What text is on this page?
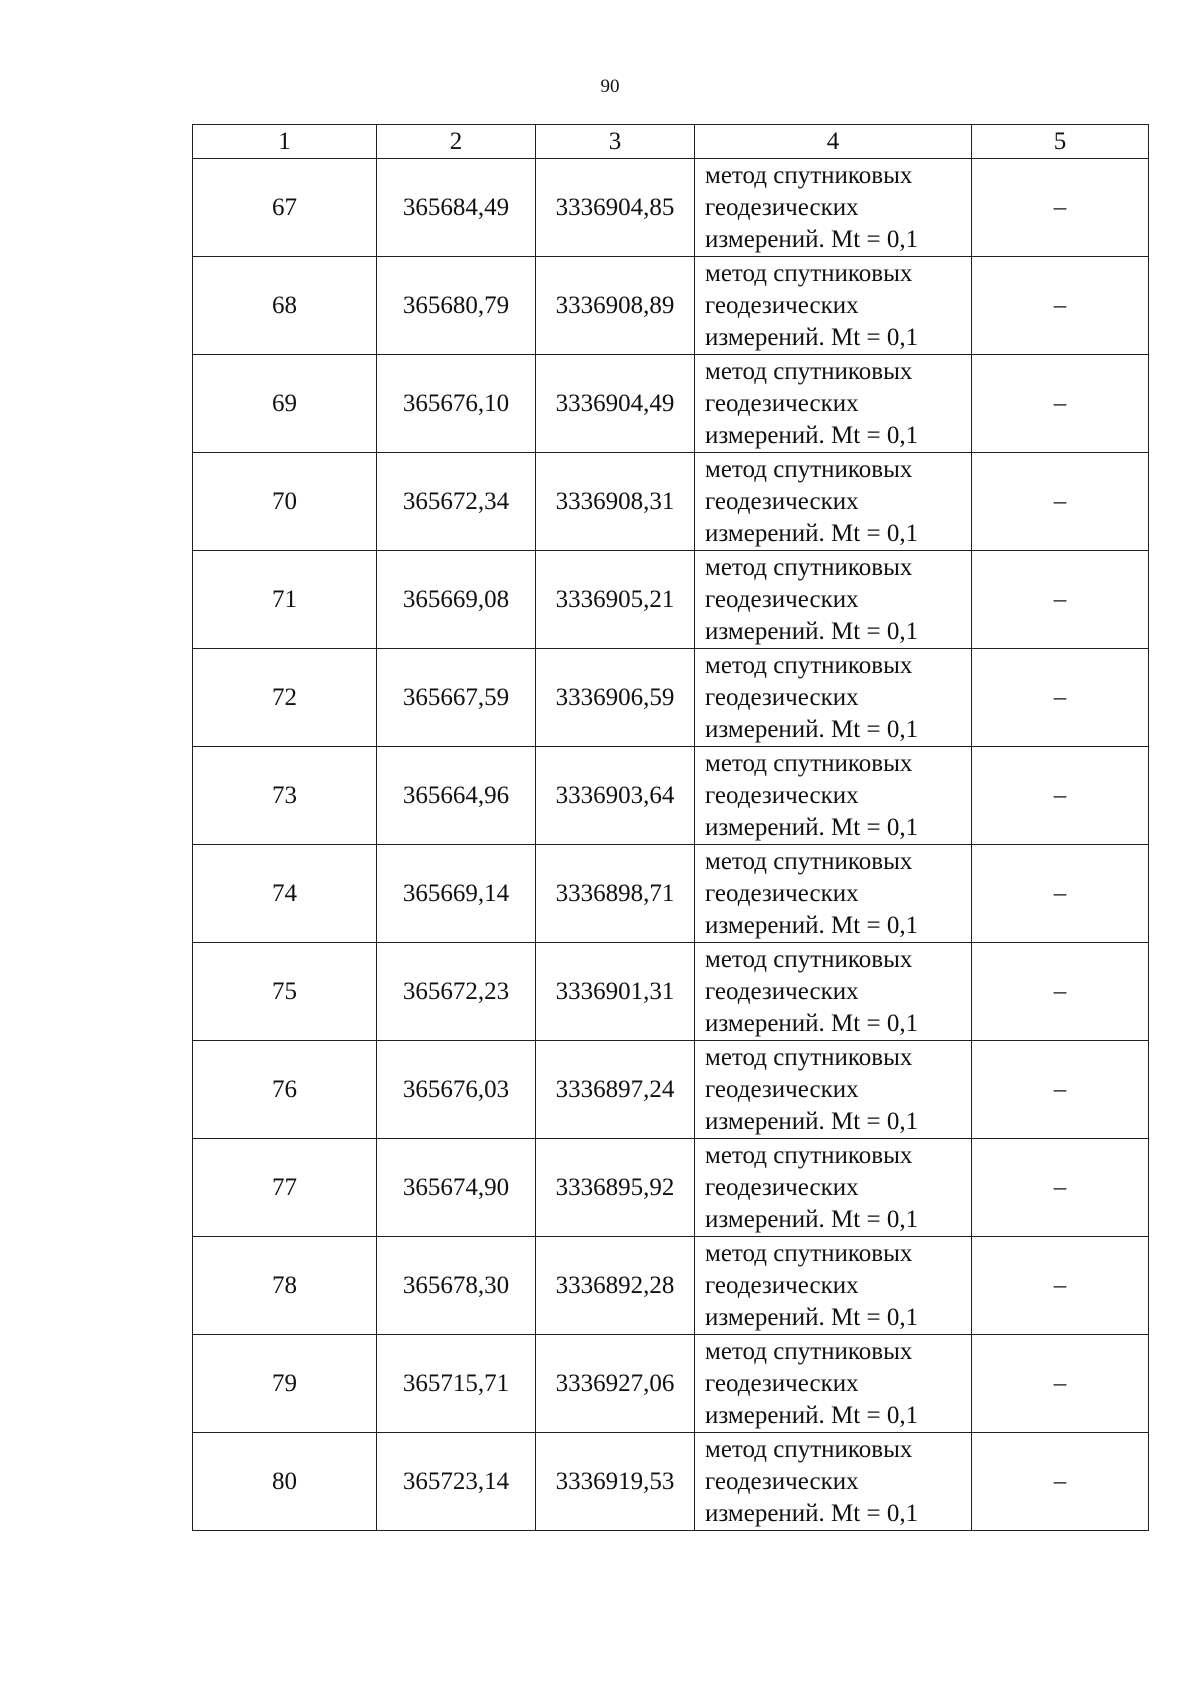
90
1	2	3	4	5
67	365684,49	3336904,85	метод спутниковых
геодезических
измерений. Mt = 0,1	–
68	365680,79	3336908,89	метод спутниковых
геодезических
измерений. Mt = 0,1	–
69	365676,10	3336904,49	метод спутниковых
геодезических
измерений. Mt = 0,1	–
70	365672,34	3336908,31	метод спутниковых
геодезических
измерений. Mt = 0,1	–
71	365669,08	3336905,21	метод спутниковых
геодезических
измерений. Mt = 0,1	–
72	365667,59	3336906,59	метод спутниковых
геодезических
измерений. Mt = 0,1	–
73	365664,96	3336903,64	метод спутниковых
геодезических
измерений. Mt = 0,1	–
74	365669,14	3336898,71	метод спутниковых
геодезических
измерений. Mt = 0,1	–
75	365672,23	3336901,31	метод спутниковых
геодезических
измерений. Mt = 0,1	–
76	365676,03	3336897,24	метод спутниковых
геодезических
измерений. Mt = 0,1	–
77	365674,90	3336895,92	метод спутниковых
геодезических
измерений. Mt = 0,1	–
78	365678,30	3336892,28	метод спутниковых
геодезических
измерений. Mt = 0,1	–
79	365715,71	3336927,06	метод спутниковых
геодезических
измерений. Mt = 0,1	–
80	365723,14	3336919,53	метод спутниковых
геодезических
измерений. Mt = 0,1	–
